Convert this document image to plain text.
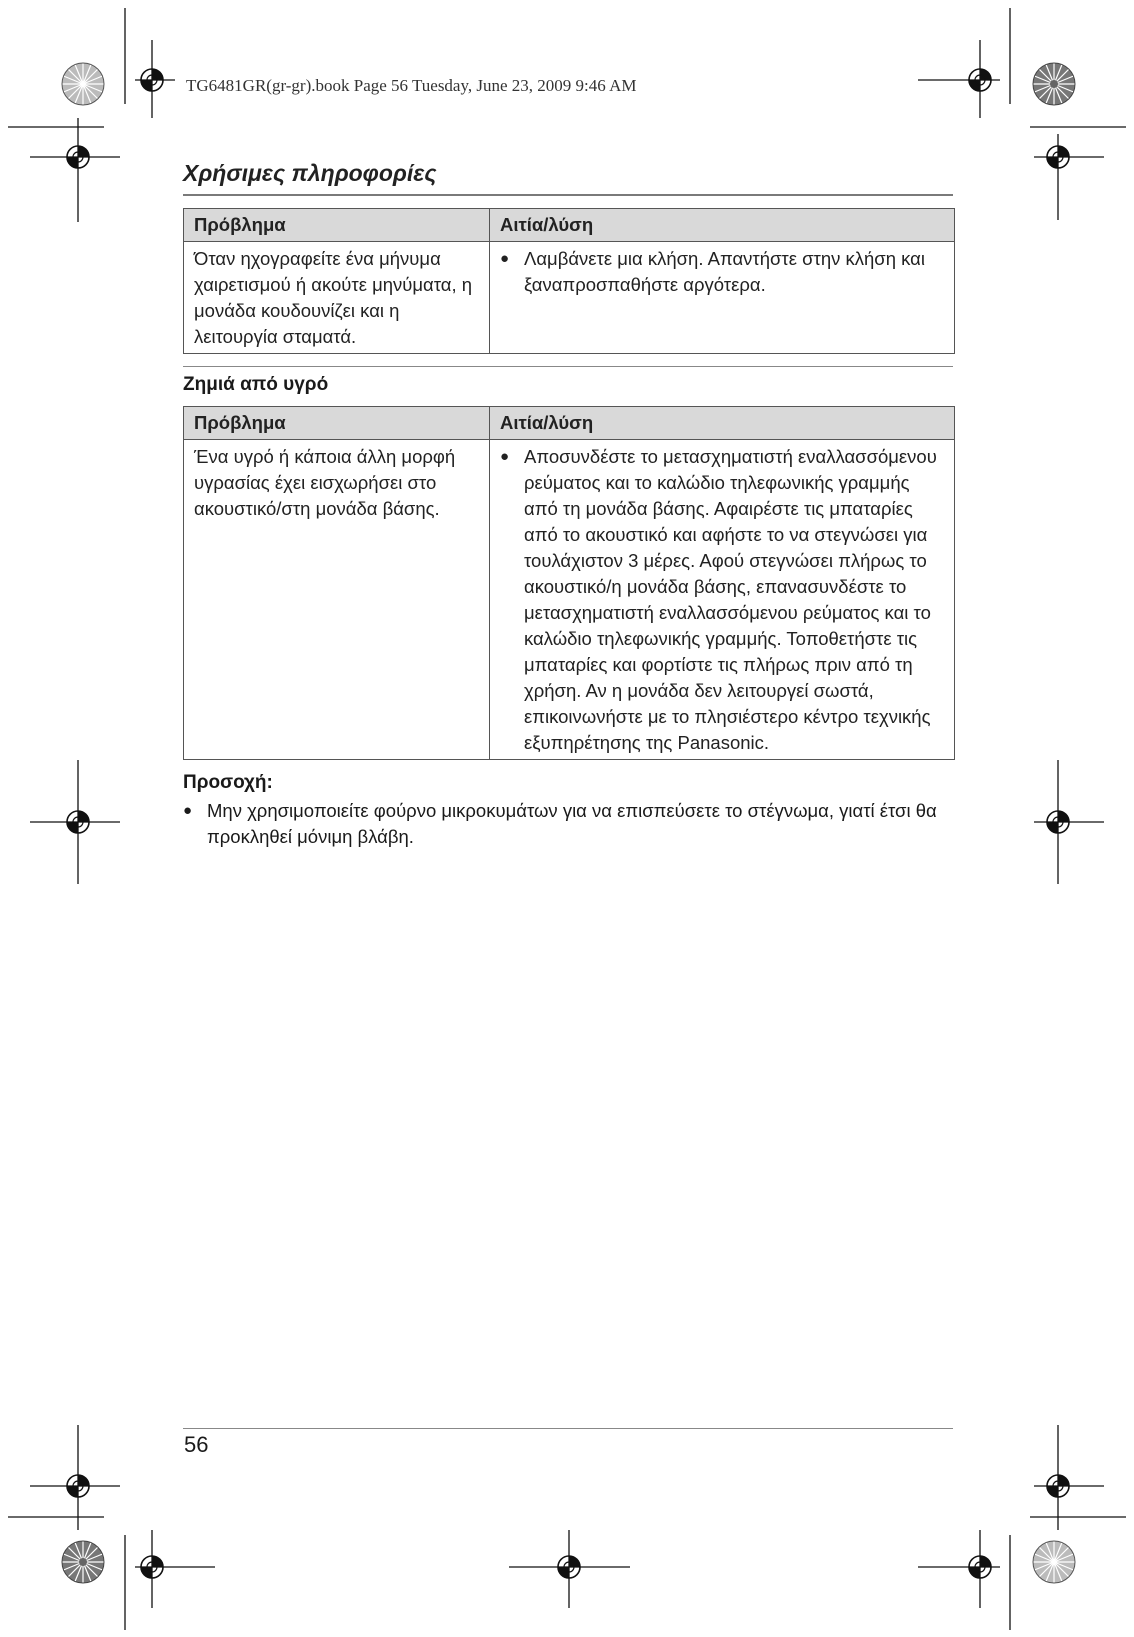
TG6481GR(gr-gr).book Page 56 Tuesday, June 23, 2009 9:46 AM
Χρήσιμες πληροφορίες
Πρόβλημα	Αιτία/λύση
Όταν ηχογραφείτε ένα μήνυμα χαιρετισμού ή ακούτε μηνύματα, η μονάδα κουδουνίζει και η λειτουργία σταματά.	● Λαμβάνετε μια κλήση. Απαντήστε στην κλήση και ξαναπροσπαθήστε αργότερα.
Ζημιά από υγρό
Πρόβλημα	Αιτία/λύση
Ένα υγρό ή κάποια άλλη μορφή υγρασίας έχει εισχωρήσει στο ακουστικό/στη μονάδα βάσης.	● Αποσυνδέστε το μετασχηματιστή εναλλασσόμενου ρεύματος και το καλώδιο τηλεφωνικής γραμμής από τη μονάδα βάσης. Αφαιρέστε τις μπαταρίες από το ακουστικό και αφήστε το να στεγνώσει για τουλάχιστον 3 μέρες. Αφού στεγνώσει πλήρως το ακουστικό/η μονάδα βάσης, επανασυνδέστε το μετασχηματιστή εναλλασσόμενου ρεύματος και το καλώδιο τηλεφωνικής γραμμής. Τοποθετήστε τις μπαταρίες και φορτίστε τις πλήρως πριν από τη χρήση. Αν η μονάδα δεν λειτουργεί σωστά, επικοινωνήστε με το πλησιέστερο κέντρο τεχνικής εξυπηρέτησης της Panasonic.
Προσοχή:
● Μην χρησιμοποιείτε φούρνο μικροκυμάτων για να επισπεύσετε το στέγνωμα, γιατί έτσι θα προκληθεί μόνιμη βλάβη.
56
